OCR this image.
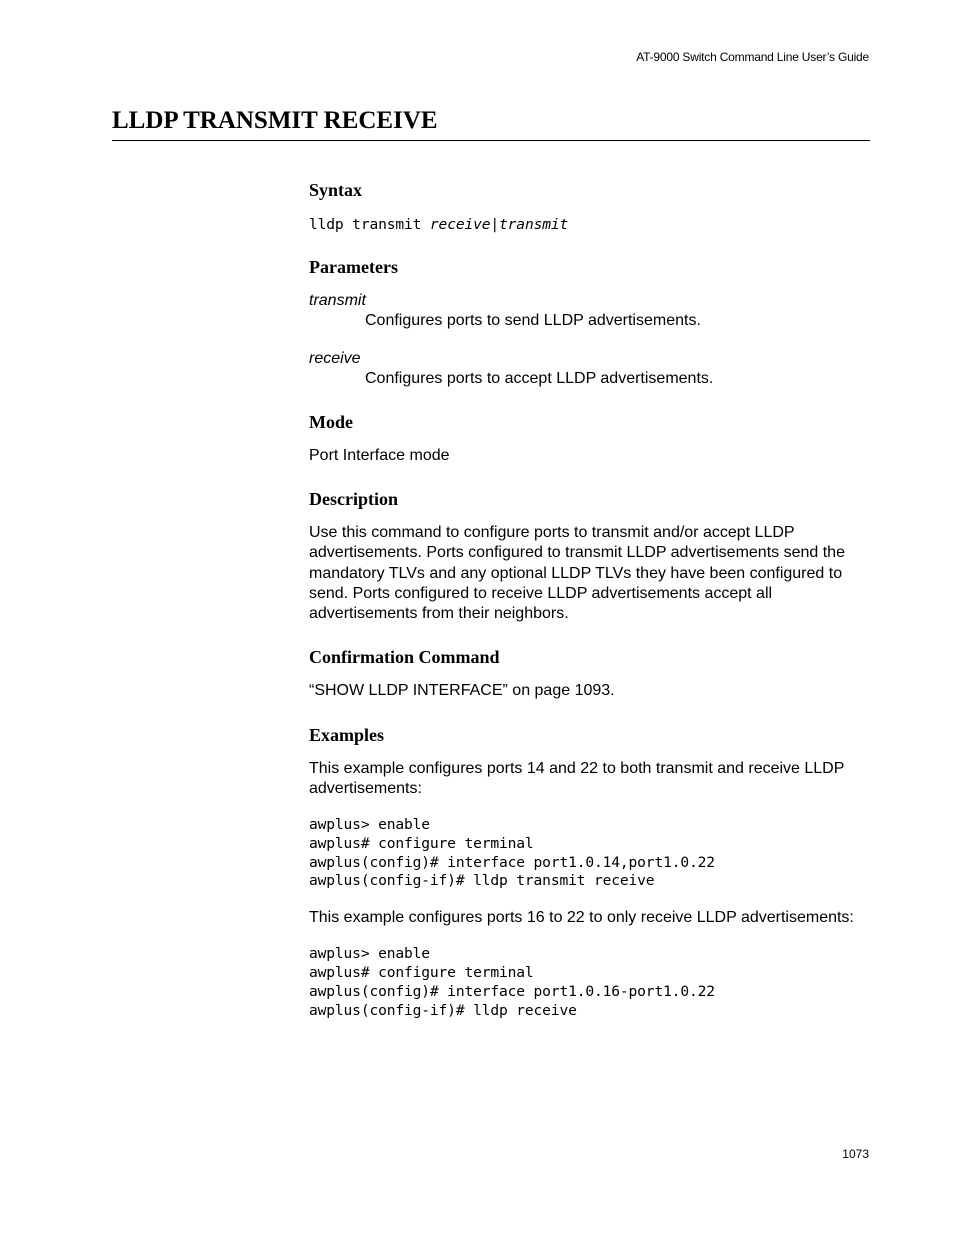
AT-9000 Switch Command Line User’s Guide
LLDP TRANSMIT RECEIVE
Syntax
lldp transmit receive|transmit
Parameters

transmit

Configures ports to send LLDP advertisements.

receive

Configures ports to accept LLDP advertisements.

Mode

Port Interface mode

Description

Use this command to configure ports to transmit and/or accept LLDP advertisements. Ports configured to transmit LLDP advertisements send the mandatory TLVs and any optional LLDP TLVs they have been configured to send. Ports configured to receive LLDP advertisements accept all advertisements from their neighbors.

Confirmation Command

“SHOW LLDP INTERFACE” on page 1093.

Examples

This example configures ports 14 and 22 to both transmit and receive LLDP advertisements:

awplus> enable
awplus# configure terminal
awplus(config)# interface port1.0.14,port1.0.22
awplus(config-if)# lldp transmit receive

This example configures ports 16 to 22 to only receive LLDP advertisements:

awplus> enable
awplus# configure terminal
awplus(config)# interface port1.0.16-port1.0.22
awplus(config-if)# lldp receive
1073
